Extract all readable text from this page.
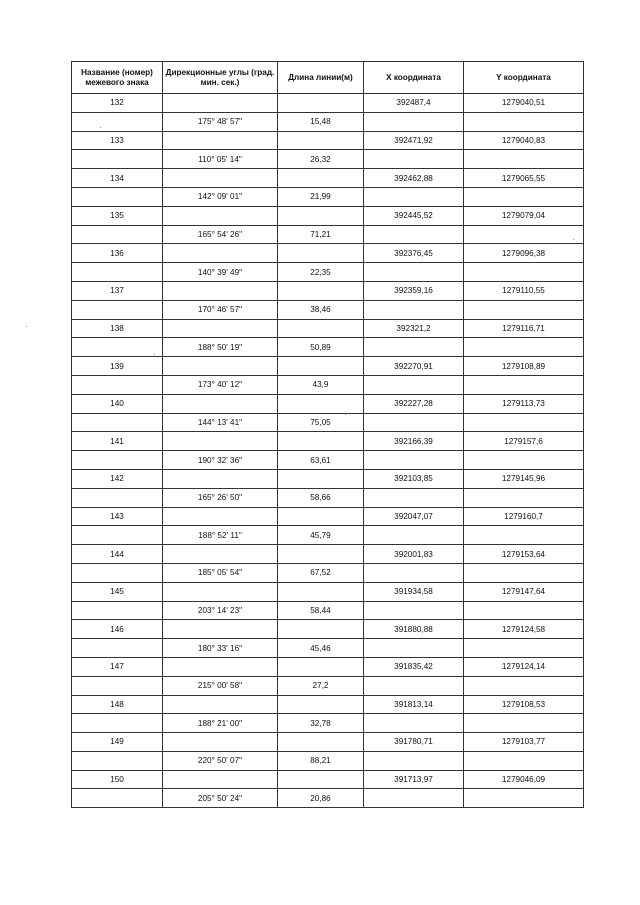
Название (номер) межевого знака	Дирекционные углы (град. мин. сек.)	Длина линии(м)	X координата	Y координата
132			392487,4	1279040,51
	175° 48' 57"	15,48		
133			392471,92	1279040,83
	110° 05' 14"	26,32		
134			392462,88	1279065,55
	142° 09' 01"	21,99		
135			392445,52	1279079,04
	165° 54' 26"	71,21		
136			392376,45	1279096,38
	140° 39' 49"	22,35		
137			392359,16	1279110,55
	170° 46' 57"	38,46		
138			392321,2	1279116,71
	188° 50' 19"	50,89		
139			392270,91	1279108,89
	173° 40' 12"	43,9		
140			392227,28	1279113,73
	144° 13' 41"	75,05		
141			392166,39	1279157,6
	190° 32' 36"	63,61		
142			392103,85	1279145,96
	165° 26' 50"	58,66		
143			392047,07	1279160,7
	188° 52' 11"	45,79		
144			392001,83	1279153,64
	185° 05' 54"	67,52		
145			391934,58	1279147,64
	203° 14' 23"	58,44		
146			391880,88	1279124,58
	180° 33' 16"	45,46		
147			391835,42	1279124,14
	215° 00' 58"	27,2		
148			391813,14	1279108,53
	188° 21' 00"	32,78		
149			391780,71	1279103,77
	220° 50' 07"	88,21		
150			391713,97	1279046,09
	205° 50' 24"	20,86		
